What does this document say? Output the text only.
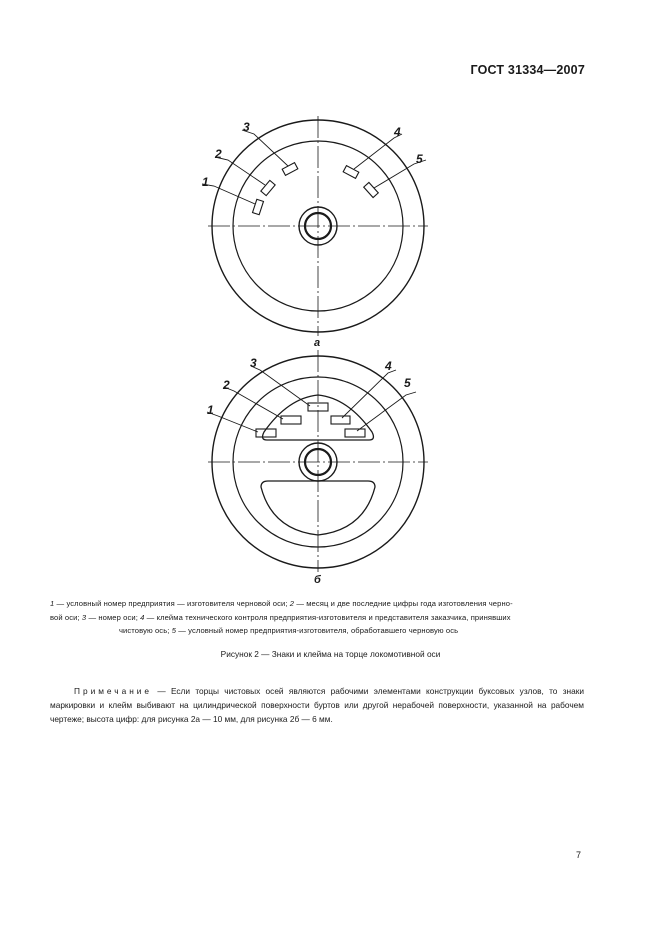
ГОСТ 31334—2007
1
2
3	4
5
а
1
2
3	4
5
б
1 — условный номер предприятия — изготовителя черновой оси; 2 — месяц и две последние цифры года изготовления черно-
вой оси; 3 — номер оси; 4 — клейма технического контроля предприятия-изготовителя и представителя заказчика, принявших
чистовую ось; 5 — условный номер предприятия-изготовителя, обработавшего черновую ось
Рисунок 2 — Знаки и клейма на торце локомотивной оси
Примечание — Если торцы чистовых осей являются рабочими элементами конструкции буксовых узлов, то знаки маркировки и клейм выбивают на цилиндрической поверхности буртов или другой нерабочей поверхности, указанной на рабочем чертеже; высота цифр: для рисунка 2а — 10 мм, для рисунка 2б — 6 мм.
7
